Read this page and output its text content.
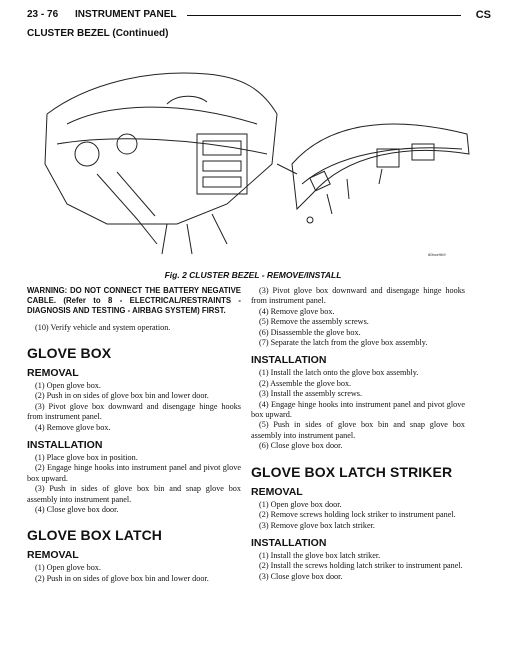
23 - 76 INSTRUMENT PANEL	CS
CLUSTER BEZEL (Continued)
80bce9b9
Fig. 2 CLUSTER BEZEL - REMOVE/INSTALL

WARNING: DO NOT CONNECT THE BATTERY NEGATIVE CABLE. (Refer to 8 - ELECTRICAL/RESTRAINTS - DIAGNOSIS AND TESTING - AIRBAG SYSTEM) FIRST.

(10) Verify vehicle and system operation.

GLOVE BOX
REMOVAL

(1) Open glove box.

(2) Push in on sides of glove box bin and lower door.

(3) Pivot glove box downward and disengage hinge hooks from instrument panel.

(4) Remove glove box.

INSTALLATION

(1) Place glove box in position.

(2) Engage hinge hooks into instrument panel and pivot glove box upward.

(3) Push in sides of glove box bin and snap glove box assembly into instrument panel.

(4) Close glove box door.

GLOVE BOX LATCH
REMOVAL

(1) Open glove box.

(2) Push in on sides of glove box bin and lower door.

(3) Pivot glove box downward and disengage hinge hooks from instrument panel.

(4) Remove glove box.

(5) Remove the assembly screws.

(6) Disassemble the glove box.

(7) Separate the latch from the glove box assembly.

INSTALLATION

(1) Install the latch onto the glove box assembly.

(2) Assemble the glove box.

(3) Install the assembly screws.

(4) Engage hinge hooks into instrument panel and pivot glove box upward.

(5) Push in sides of glove box bin and snap glove box assembly into instrument panel.

(6) Close glove box door.

GLOVE BOX LATCH STRIKER
REMOVAL

(1) Open glove box door.

(2) Remove screws holding lock striker to instrument panel.

(3) Remove glove box latch striker.

INSTALLATION

(1) Install the glove box latch striker.

(2) Install the screws holding latch striker to instrument panel.

(3) Close glove box door.
